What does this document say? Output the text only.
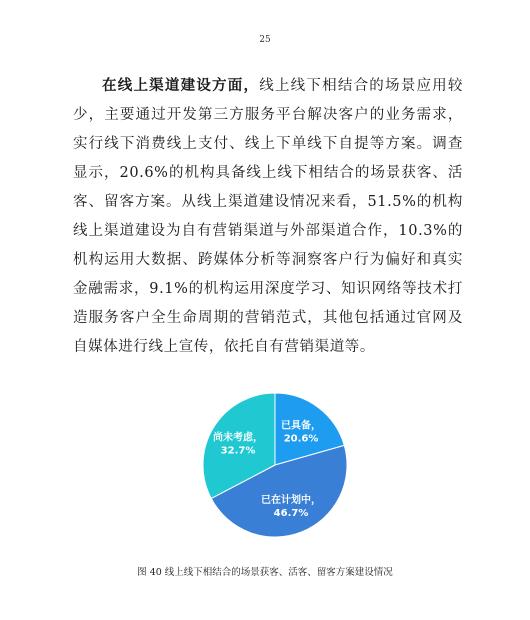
25

在线上渠道建设方面，线上线下相结合的场景应用较少，主要通过开发第三方服务平台解决客户的业务需求，实行线下消费线上支付、线上下单线下自提等方案。调查显示，20.6%的机构具备线上线下相结合的场景获客、活客、留客方案。从线上渠道建设情况来看，51.5%的机构线上渠道建设为自有营销渠道与外部渠道合作，10.3%的机构运用大数据、跨媒体分析等洞察客户行为偏好和真实金融需求，9.1%的机构运用深度学习、知识网络等技术打造服务客户全生命周期的营销范式，其他包括通过官网及自媒体进行线上宣传，依托自有营销渠道等。

已具备，
20.6%
已在计划中，
46.7%
尚未考虑，
32.7%
图 40 线上线下相结合的场景获客、活客、留客方案建设情况
